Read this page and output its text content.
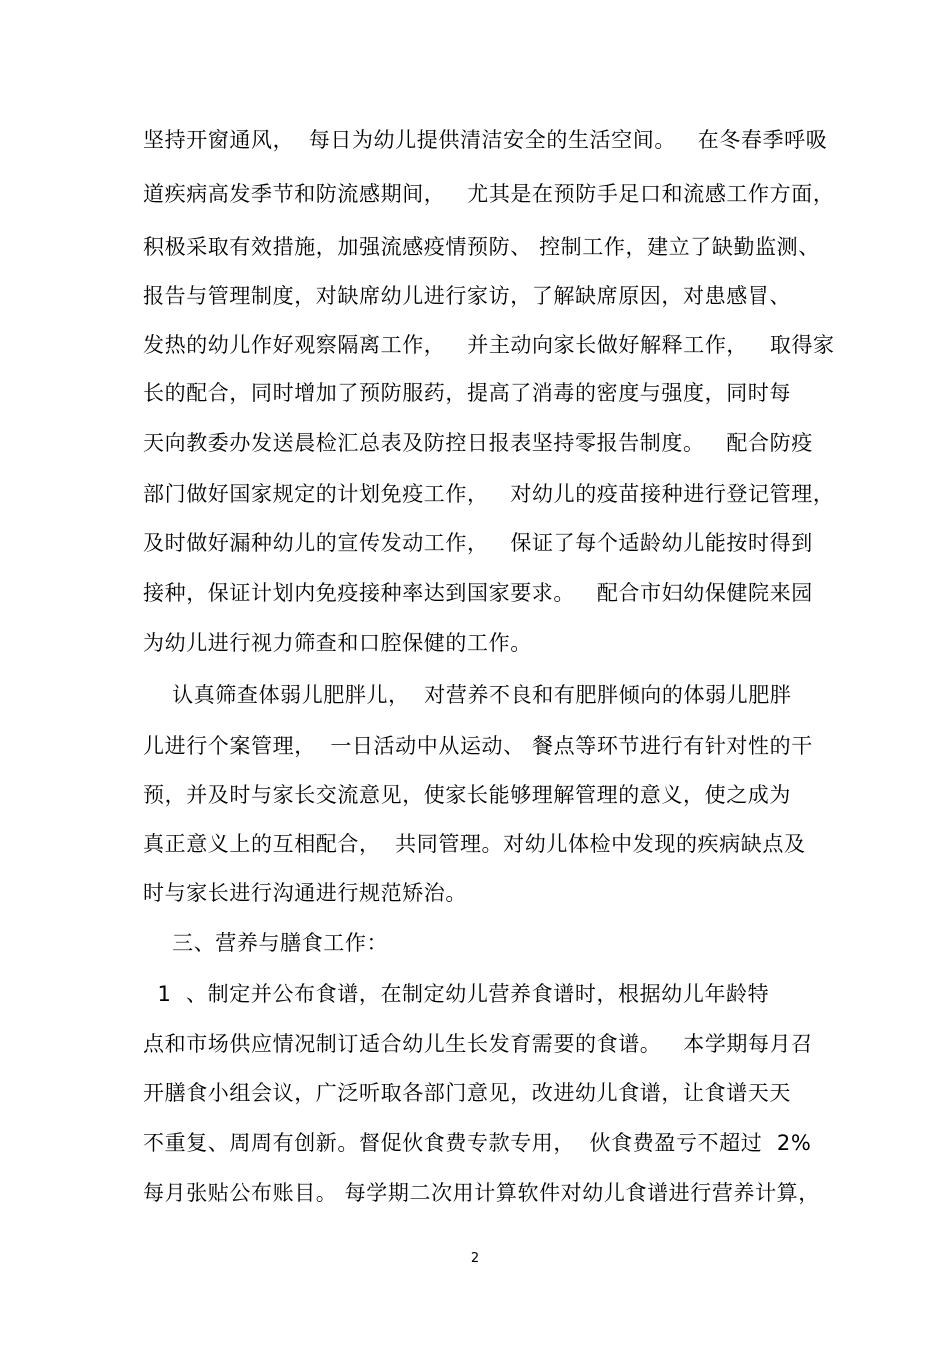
坚持开窗通风，  每日为幼儿提供清洁安全的生活空间。   在冬春季呼吸
道疾病高发季节和防流感期间，   尤其是在预防手足口和流感工作方面，
积极采取有效措施，加强流感疫情预防、 控制工作，建立了缺勤监测、
报告与管理制度，对缺席幼儿进行家访，了解缺席原因，对患感冒、
发热的幼儿作好观察隔离工作，   并主动向家长做好解释工作，   取得家
长的配合，同时增加了预防服药，提高了消毒的密度与强度，同时每
天向教委办发送晨检汇总表及防控日报表坚持零报告制度。   配合防疫
部门做好国家规定的计划免疫工作，   对幼儿的疫苗接种进行登记管理，
及时做好漏种幼儿的宣传发动工作，   保证了每个适龄幼儿能按时得到
接种，保证计划内免疫接种率达到国家要求。   配合市妇幼保健院来园
为幼儿进行视力筛查和口腔保健的工作。
认真筛查体弱儿肥胖儿，  对营养不良和有肥胖倾向的体弱儿肥胖
儿进行个案管理，  一日活动中从运动、 餐点等环节进行有针对性的干
预，并及时与家长交流意见，使家长能够理解管理的意义，使之成为
真正意义上的互相配合，  共同管理。对幼儿体检中发现的疾病缺点及
时与家长进行沟通进行规范矫治。
三、营养与膳食工作：
1  、制定并公布食谱，在制定幼儿营养食谱时，根据幼儿年龄特
点和市场供应情况制订适合幼儿生长发育需要的食谱。   本学期每月召
开膳食小组会议，广泛听取各部门意见，改进幼儿食谱，让食谱天天
不重复、周周有创新。督促伙食费专款专用，  伙食费盈亏不超过  2%
每月张贴公布账目。 每学期二次用计算软件对幼儿食谱进行营养计算，
2
